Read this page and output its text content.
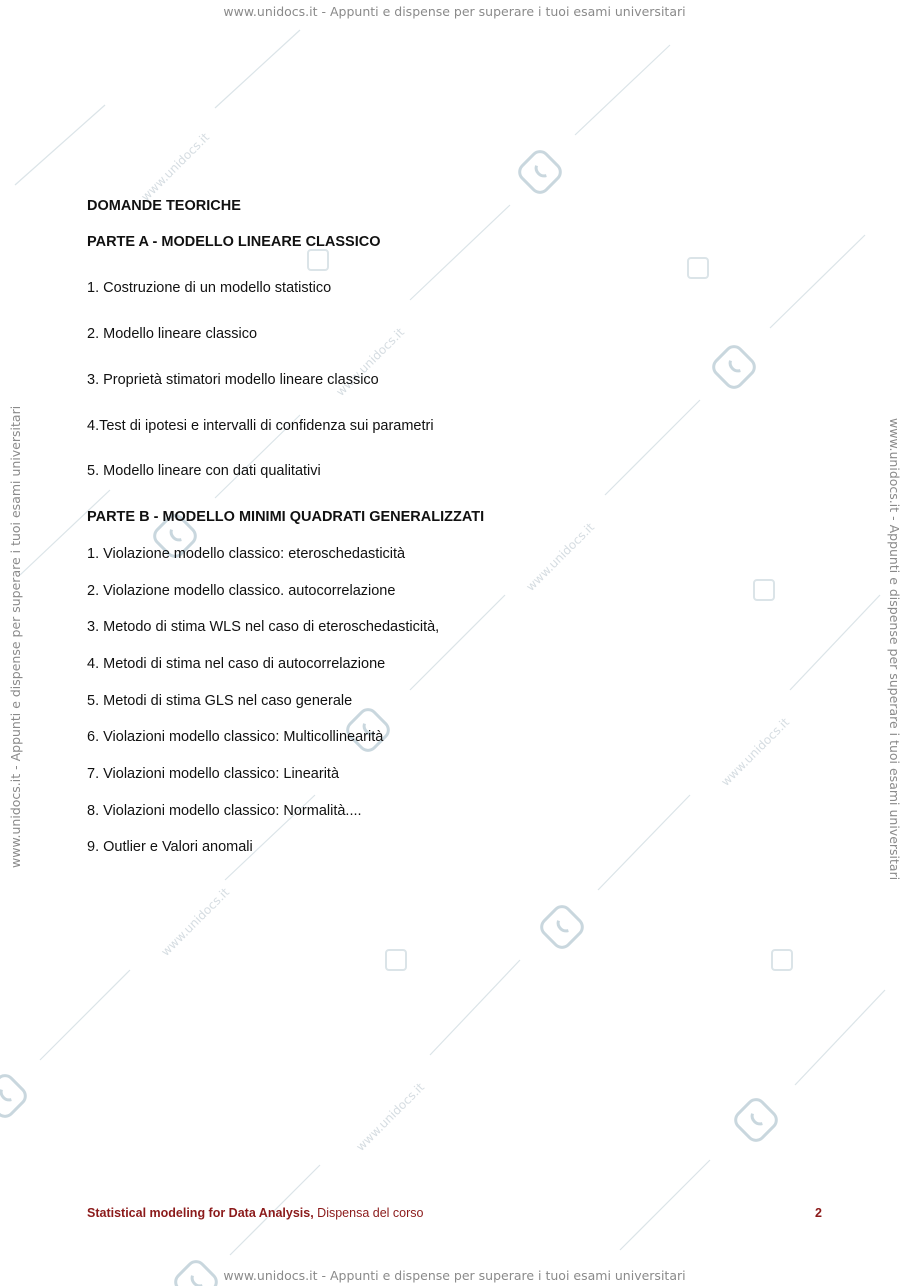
www.unidocs.it
www.unidocs.it
www.unidocs.it
www.unidocs.it
www.unidocs.it
www.unidocs.it
www.unidocs.it - Appunti e dispense per superare i tuoi esami universitari
www.unidocs.it - Appunti e dispense per superare i tuoi esami universitari
www.unidocs.it - Appunti e dispense per superare i tuoi esami universitari	www.unidocs.it - Appunti e dispense per superare i tuoi esami universitari
DOMANDE TEORICHE
PARTE A - MODELLO LINEARE CLASSICO
1. Costruzione di un modello statistico
2. Modello lineare classico
3. Proprietà stimatori modello lineare classico
4.Test di ipotesi e intervalli di confidenza sui parametri
5. Modello lineare con dati qualitativi
PARTE B - MODELLO MINIMI QUADRATI GENERALIZZATI
1. Violazione modello classico: eteroschedasticità
2. Violazione modello classico. autocorrelazione
3. Metodo di stima WLS nel caso di eteroschedasticità,
4. Metodi di stima nel caso di autocorrelazione
5. Metodi di stima GLS nel caso generale
6. Violazioni modello classico: Multicollinearità
7. Violazioni modello classico: Linearità
8. Violazioni modello classico: Normalità....
9. Outlier e Valori anomali
Statistical modeling for Data Analysis, Dispensa del corso	2
